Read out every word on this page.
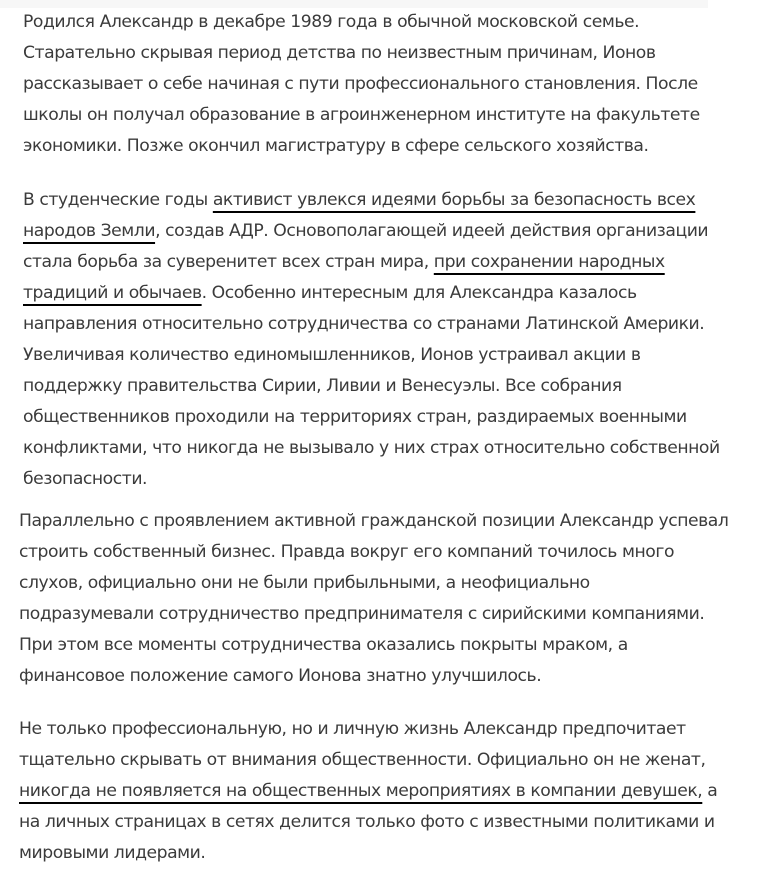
Родился Александр в декабре 1989 года в обычной московской семье.
Старательно скрывая период детства по неизвестным причинам, Ионов
рассказывает о себе начиная с пути профессионального становления. После
школы он получал образование в агроинженерном институте на факультете
экономики. Позже окончил магистратуру в сфере сельского хозяйства.

В студенческие годы активист увлекся идеями борьбы за безопасность всех
народов Земли, создав АДР. Основополагающей идеей действия организации
стала борьба за суверенитет всех стран мира, при сохранении народных
традиций и обычаев. Особенно интересным для Александра казалось
направления относительно сотрудничества со странами Латинской Америки.
Увеличивая количество единомышленников, Ионов устраивал акции в
поддержку правительства Сирии, Ливии и Венесуэлы. Все собрания
общественников проходили на территориях стран, раздираемых военными
конфликтами, что никогда не вызывало у них страх относительно собственной
безопасности.

Параллельно с проявлением активной гражданской позиции Александр успевал
строить собственный бизнес. Правда вокруг его компаний точилось много
слухов, официально они не были прибыльными, а неофициально
подразумевали сотрудничество предпринимателя с сирийскими компаниями.
При этом все моменты сотрудничества оказались покрыты мраком, а
финансовое положение самого Ионова знатно улучшилось.

Не только профессиональную, но и личную жизнь Александр предпочитает
тщательно скрывать от внимания общественности. Официально он не женат,
никогда не появляется на общественных мероприятиях в компании девушек, а
на личных страницах в сетях делится только фото с известными политиками и
мировыми лидерами.
